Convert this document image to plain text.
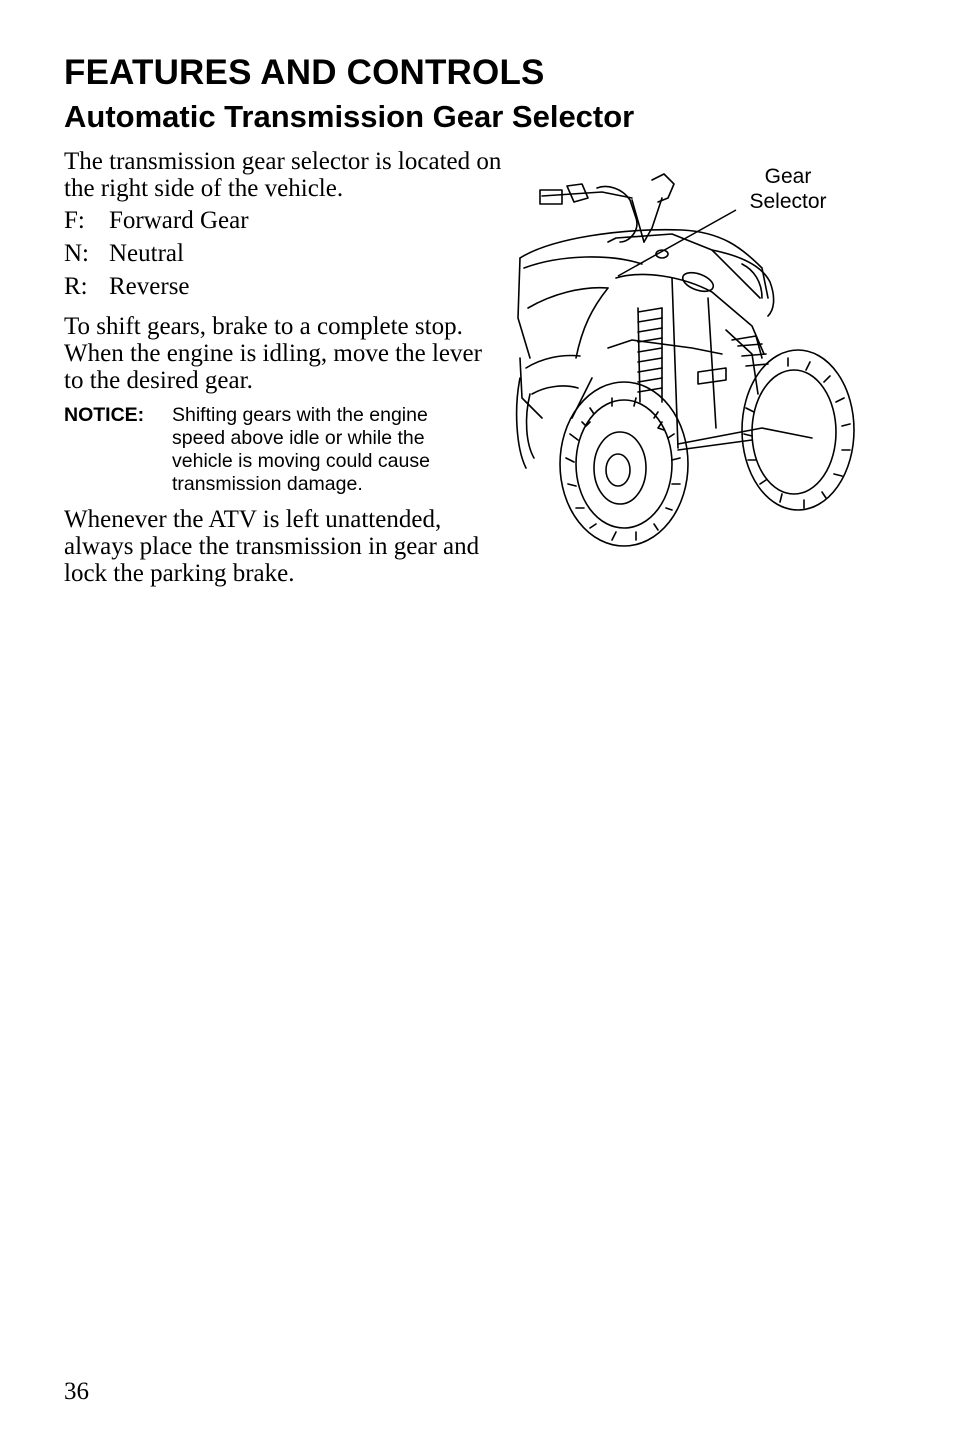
FEATURES AND CONTROLS
Automatic Transmission Gear Selector

The transmission gear selector is located on the right side of the vehicle.

F: Forward Gear
N: Neutral
R: Reverse

To shift gears, brake to a complete stop. When the engine is idling, move the lever to the desired gear.

NOTICE:	Shifting gears with the engine speed above idle or while the vehicle is moving could cause transmission damage.

Whenever the ATV is left unattended, always place the transmission in gear and lock the parking brake.

Gear
Selector
36
